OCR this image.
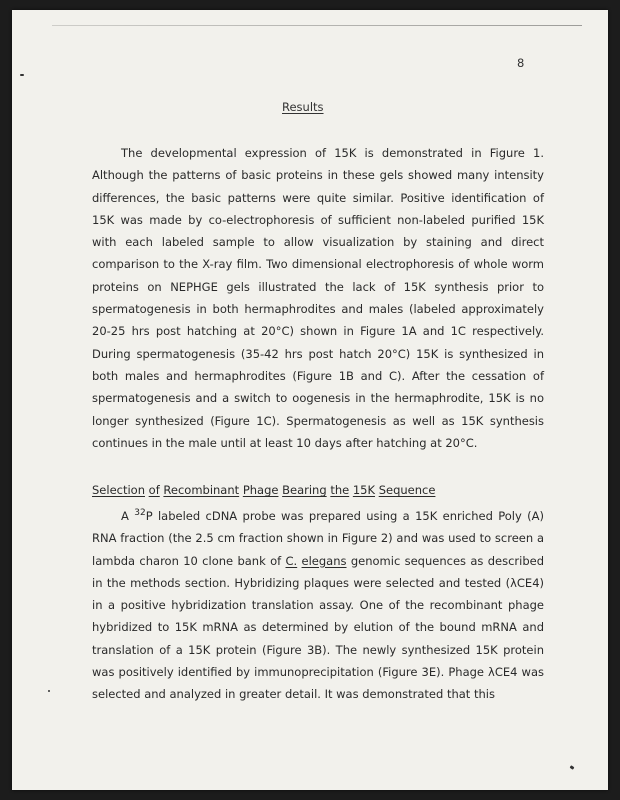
8
Results

The developmental expression of 15K is demonstrated in Figure 1. Although the patterns of basic proteins in these gels showed many intensity differences, the basic patterns were quite similar. Positive identification of 15K was made by co-electrophoresis of sufficient non-labeled purified 15K with each labeled sample to allow visualization by staining and direct comparison to the X-ray film. Two dimensional electrophoresis of whole worm proteins on NEPHGE gels illustrated the lack of 15K synthesis prior to spermatogenesis in both hermaphrodites and males (labeled approximately 20-25 hrs post hatching at 20°C) shown in Figure 1A and 1C respectively. During spermatogenesis (35-42 hrs post hatch 20°C) 15K is synthesized in both males and hermaphrodites (Figure 1B and C). After the cessation of spermatogenesis and a switch to oogenesis in the hermaphrodite, 15K is no longer synthesized (Figure 1C). Spermatogenesis as well as 15K synthesis continues in the male until at least 10 days after hatching at 20°C.

Selection of Recombinant Phage Bearing the 15K Sequence

A $^{32}$P labeled cDNA probe was prepared using a 15K enriched Poly (A) RNA fraction (the 2.5 cm fraction shown in Figure 2) and was used to screen a lambda charon 10 clone bank of C. elegans genomic sequences as described in the methods section. Hybridizing plaques were selected and tested (λCE4) in a positive hybridization translation assay. One of the recombinant phage hybridized to 15K mRNA as determined by elution of the bound mRNA and translation of a 15K protein (Figure 3B). The newly synthesized 15K protein was positively identified by immunoprecipitation (Figure 3E). Phage λCE4 was selected and analyzed in greater detail. It was demonstrated that this
